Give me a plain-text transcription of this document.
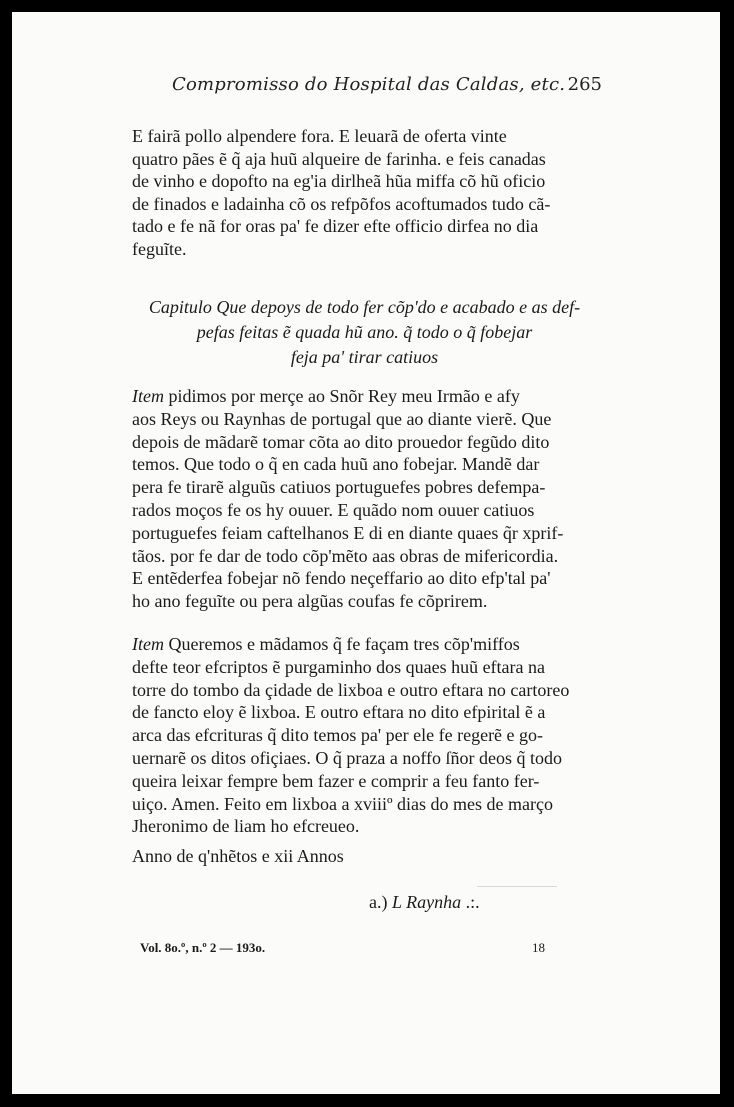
Compromisso do Hospital das Caldas, etc. 265

E fairã pollo alpendere fora. E leuarã de oferta vinte
quatro pães ẽ q̃ aja huũ alqueire de farinha. e feis canadas
de vinho e dopofto na eg'ia dirlheã hũa miffa cõ hũ oficio
de finados e ladainha cõ os refpõfos acoftumados tudo cã-
tado e fe nã for oras pa' fe dizer efte officio dirfea no dia
feguĩte.

Capitulo Que depoys de todo fer cõp'do e acabado e as def-
pefas feitas ẽ quada hũ ano. q̃ todo o q̃ fobejar
feja pa' tirar catiuos

Item pidimos por merçe ao Snõr Rey meu Irmão e afy
aos Reys ou Raynhas de portugal que ao diante vierẽ. Que
depois de mãdarẽ tomar cõta ao dito prouedor fegũdo dito
temos. Que todo o q̃ en cada huũ ano fobejar. Mandẽ dar
pera fe tirarẽ alguũs catiuos portuguefes pobres defempa-
rados moços fe os hy ouuer. E quãdo nom ouuer catiuos
portuguefes feiam caftelhanos E di en diante quaes q̃r xprif-
tãos. por fe dar de todo cõp'mẽto aas obras de mifericordia.
E entẽderfea fobejar nõ fendo neçeffario ao dito efp'tal pa'
ho ano feguĩte ou pera algũas coufas fe cõprirem.

Item Queremos e mãdamos q̃ fe façam tres cõp'miffos
defte teor efcriptos ẽ purgaminho dos quaes huũ eftara na
torre do tombo da çidade de lixboa e outro eftara no cartoreo
de fancto eloy ẽ lixboa. E outro eftara no dito efpirital ẽ a
arca das efcrituras q̃ dito temos pa' per ele fe regerẽ e go-
uernarẽ os ditos ofiçiaes. O q̃ praza a noffo ſñor deos q̃ todo
queira leixar fempre bem fazer e comprir a feu fanto fer-
uiço. Amen. Feito em lixboa a xviiiº dias do mes de março
Jheronimo de liam ho efcreueo.

Anno de q'nhẽtos e xii Annos

a.) L Raynha .:.
Vol. 8o.º, n.º 2 — 193o.	18
